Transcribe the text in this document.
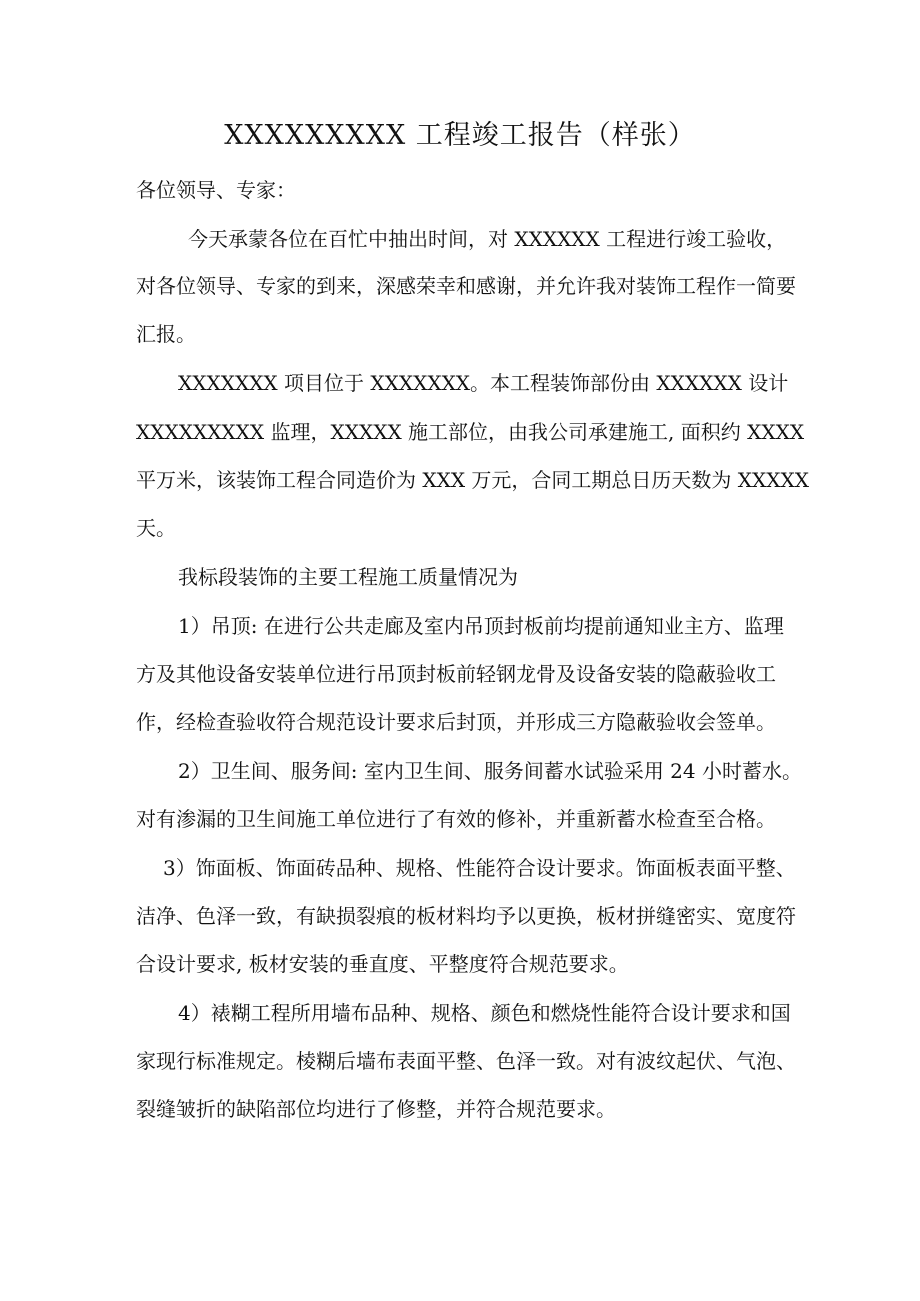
XXXXXXXXX 工程竣工报告（样张）
各位领导、专家：
今天承蒙各位在百忙中抽出时间，对 XXXXXX 工程进行竣工验收，
对各位领导、专家的到来，深感荣幸和感谢，并允许我对装饰工程作一简要
汇报。
XXXXXXX 项目位于 XXXXXXX。本工程装饰部份由 XXXXXX 设计
XXXXXXXXX 监理，XXXXX 施工部位，由我公司承建施工, 面积约 XXXX
平万米，该装饰工程合同造价为 XXX 万元，合同工期总日历天数为 XXXXX
天。
我标段装饰的主要工程施工质量情况为
1）吊顶: 在进行公共走廊及室内吊顶封板前均提前通知业主方、监理
方及其他设备安装单位进行吊顶封板前轻钢龙骨及设备安装的隐蔽验收工
作，经检查验收符合规范设计要求后封顶，并形成三方隐蔽验收会签单。
2）卫生间、服务间: 室内卫生间、服务间蓄水试验采用 24 小时蓄水。
对有渗漏的卫生间施工单位进行了有效的修补，并重新蓄水检查至合格。
3）饰面板、饰面砖品种、规格、性能符合设计要求。饰面板表面平整、
洁净、色泽一致，有缺损裂痕的板材料均予以更换，板材拼缝密实、宽度符
合设计要求, 板材安装的垂直度、平整度符合规范要求。
4）裱糊工程所用墙布品种、规格、颜色和燃烧性能符合设计要求和国
家现行标准规定。棱糊后墙布表面平整、色泽一致。对有波纹起伏、气泡、
裂缝皱折的缺陷部位均进行了修整，并符合规范要求。
